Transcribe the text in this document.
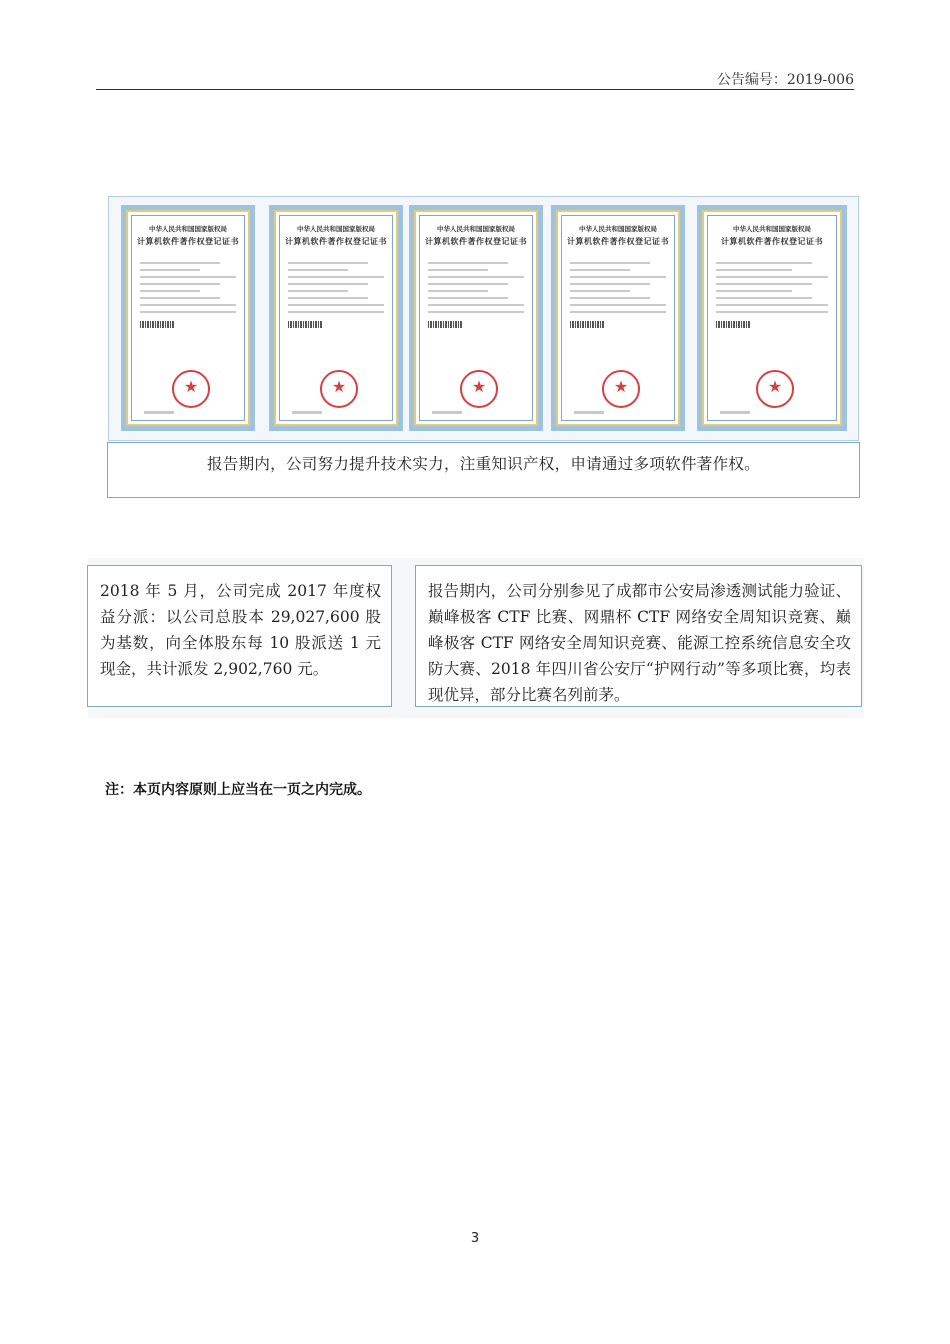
公告编号：2019-006
中华人民共和国国家版权局
计算机软件著作权登记证书
★
中华人民共和国国家版权局
计算机软件著作权登记证书
★
中华人民共和国国家版权局
计算机软件著作权登记证书
★
中华人民共和国国家版权局
计算机软件著作权登记证书
★
中华人民共和国国家版权局
计算机软件著作权登记证书
★
报告期内，公司努力提升技术实力，注重知识产权，申请通过多项软件著作权。
2018 年 5 月，公司完成 2017 年度权益分派：以公司总股本 29,027,600 股为基数，向全体股东每 10 股派送 1 元现金，共计派发 2,902,760 元。
报告期内，公司分别参见了成都市公安局渗透测试能力验证、巅峰极客 CTF 比赛、网鼎杯 CTF 网络安全周知识竞赛、巅峰极客 CTF 网络安全周知识竞赛、能源工控系统信息安全攻防大赛、2018 年四川省公安厅“护网行动”等多项比赛，均表现优异，部分比赛名列前茅。
注：本页内容原则上应当在一页之内完成。
3
